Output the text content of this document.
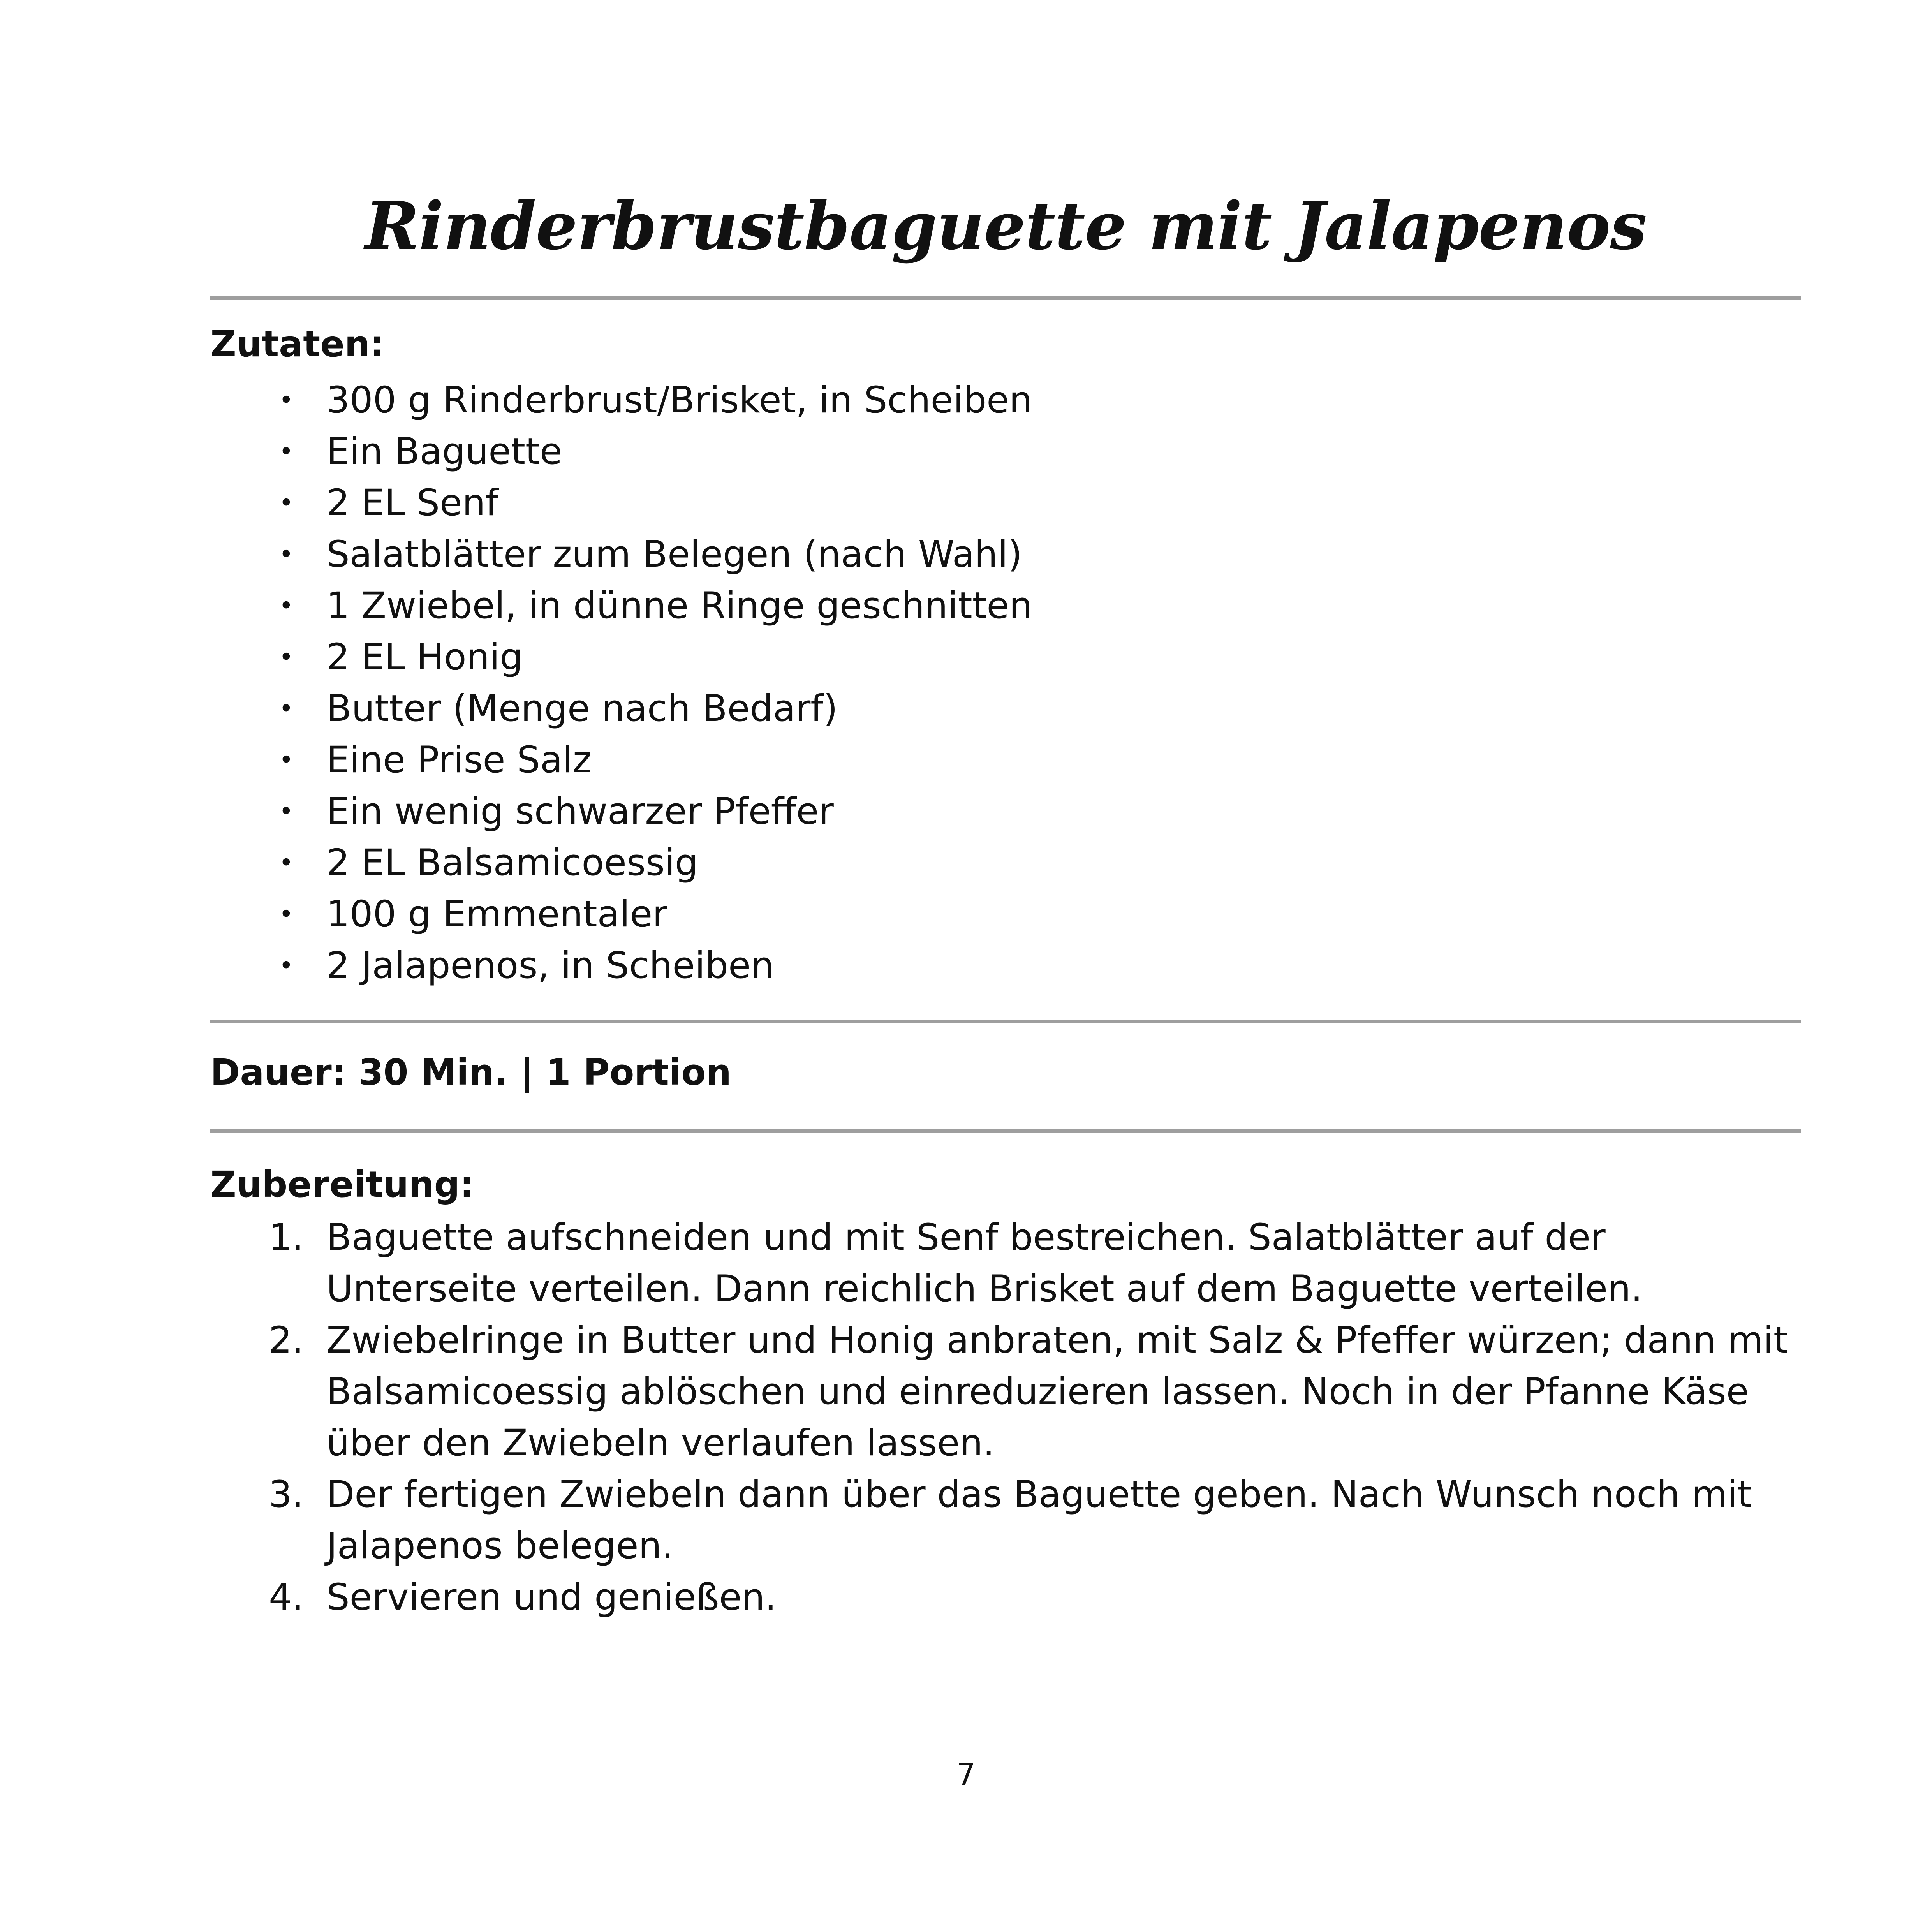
Rinderbrustbaguette mit Jalapenos

Zutaten:

• 300 g Rinderbrust/Brisket, in Scheiben
• Ein Baguette
• 2 EL Senf
• Salatblätter zum Belegen (nach Wahl)
• 1 Zwiebel, in dünne Ringe geschnitten
• 2 EL Honig
• Butter (Menge nach Bedarf)
• Eine Prise Salz
• Ein wenig schwarzer Pfeffer
• 2 EL Balsamicoessig
• 100 g Emmentaler
• 2 Jalapenos, in Scheiben

Dauer: 30 Min. | 1 Portion

Zubereitung:

1. Baguette aufschneiden und mit Senf bestreichen. Salatblätter auf der Unterseite verteilen. Dann reichlich Brisket auf dem Baguette verteilen.
2. Zwiebelringe in Butter und Honig anbraten, mit Salz & Pfeffer würzen; dann mit Balsamicoessig ablöschen und einreduzieren lassen. Noch in der Pfanne Käse über den Zwiebeln verlaufen lassen.
3. Der fertigen Zwiebeln dann über das Baguette geben. Nach Wunsch noch mit Jalapenos belegen.
4. Servieren und genießen.

7
